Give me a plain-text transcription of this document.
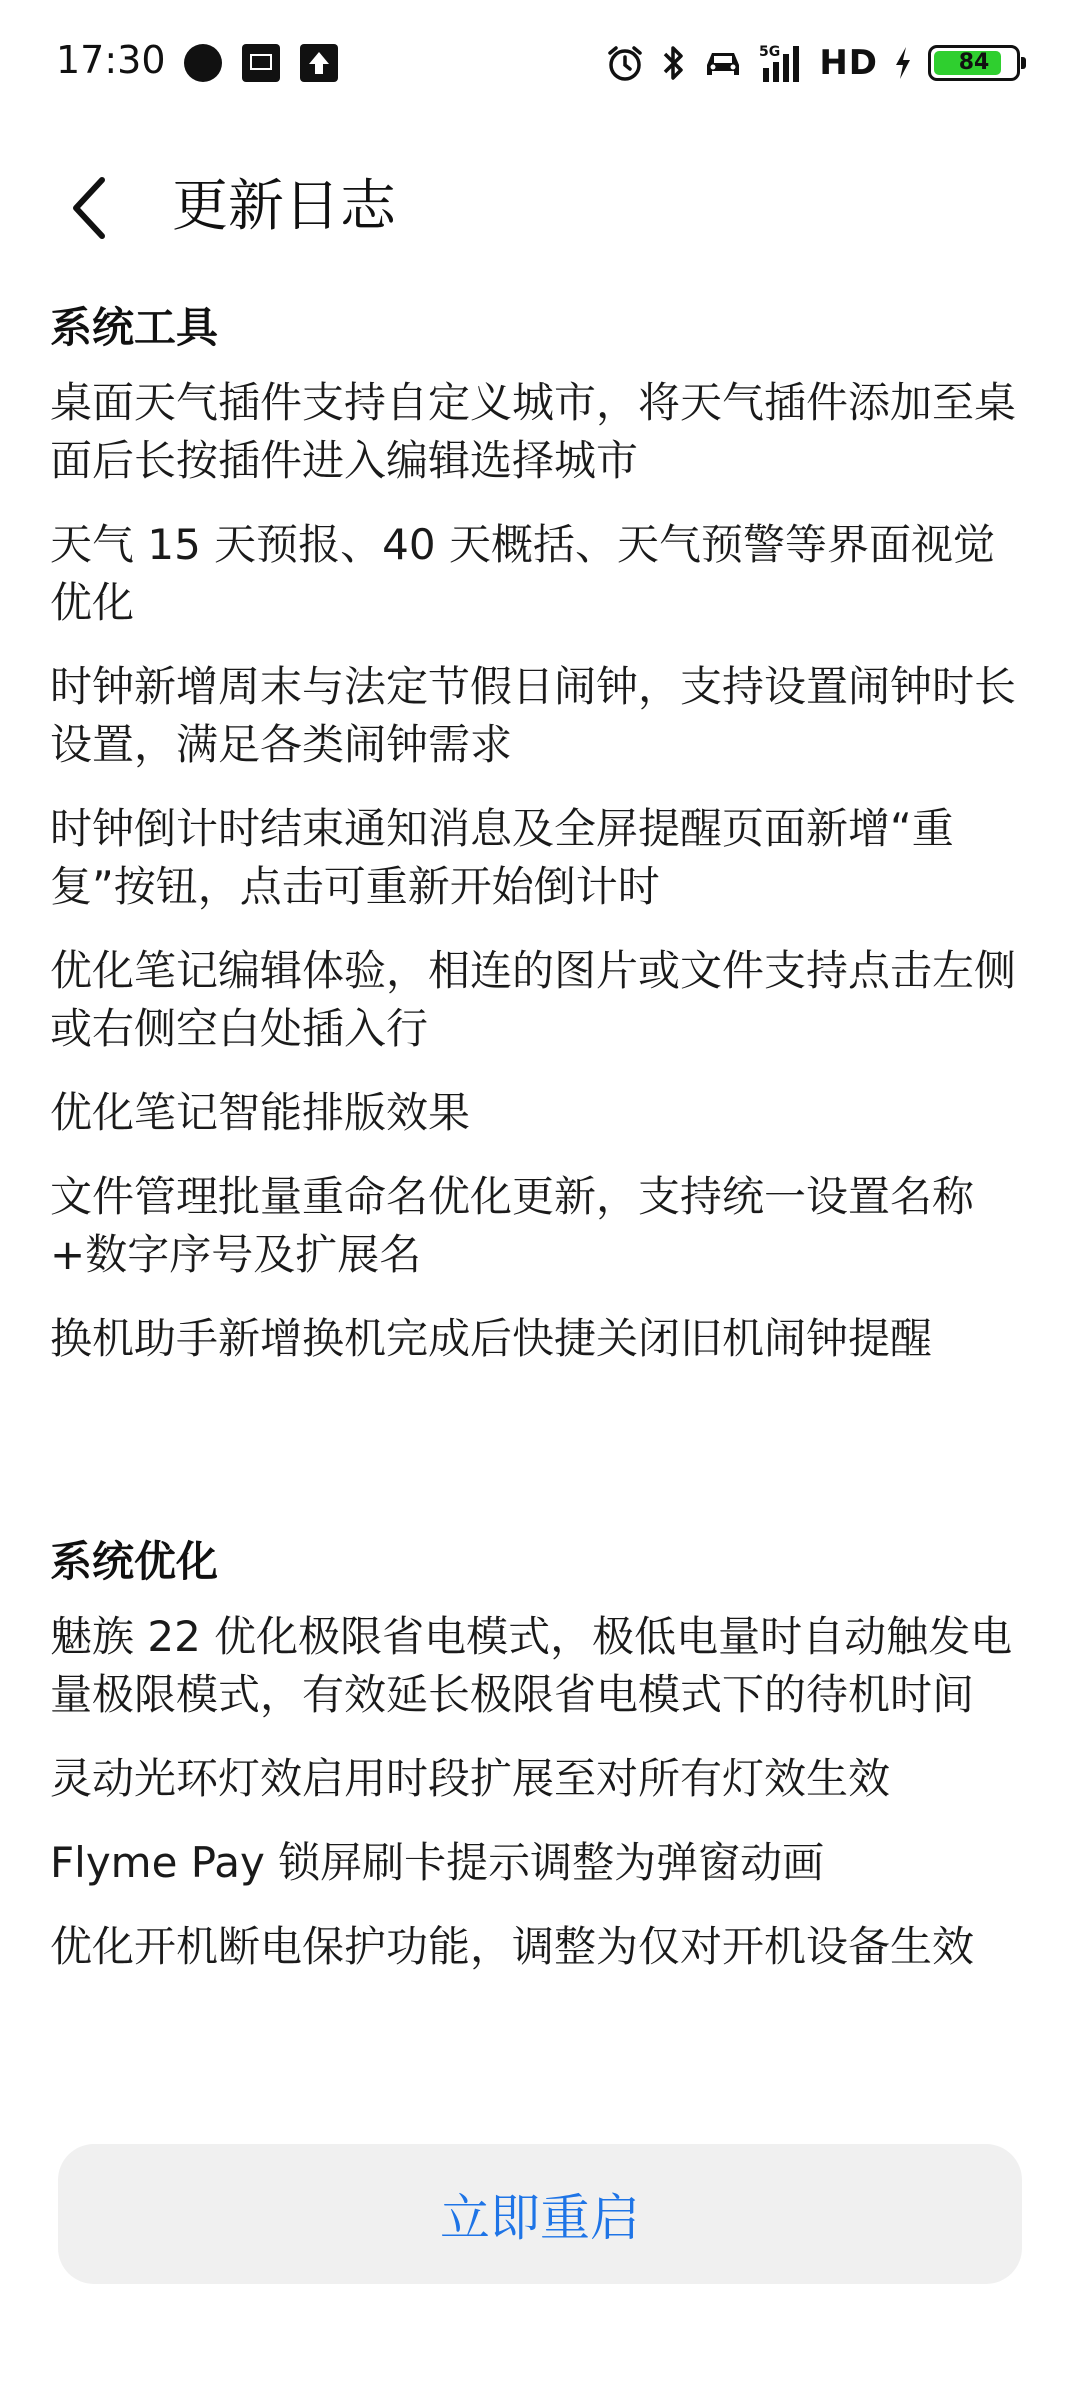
17:30	5G HD	84
更新日志
系统工具
桌面天气插件支持自定义城市，将天气插件添加至桌面后长按插件进入编辑选择城市
天气 15 天预报、40 天概括、天气预警等界面视觉优化
时钟新增周末与法定节假日闹钟，支持设置闹钟时长设置，满足各类闹钟需求
时钟倒计时结束通知消息及全屏提醒页面新增“重复”按钮，点击可重新开始倒计时
优化笔记编辑体验，相连的图片或文件支持点击左侧或右侧空白处插入行
优化笔记智能排版效果
文件管理批量重命名优化更新，支持统一设置名称+数字序号及扩展名
换机助手新增换机完成后快捷关闭旧机闹钟提醒
系统优化
魅族 22 优化极限省电模式，极低电量时自动触发电量极限模式，有效延长极限省电模式下的待机时间
灵动光环灯效启用时段扩展至对所有灯效生效
Flyme Pay 锁屏刷卡提示调整为弹窗动画
优化开机断电保护功能，调整为仅对开机设备生效
立即重启
